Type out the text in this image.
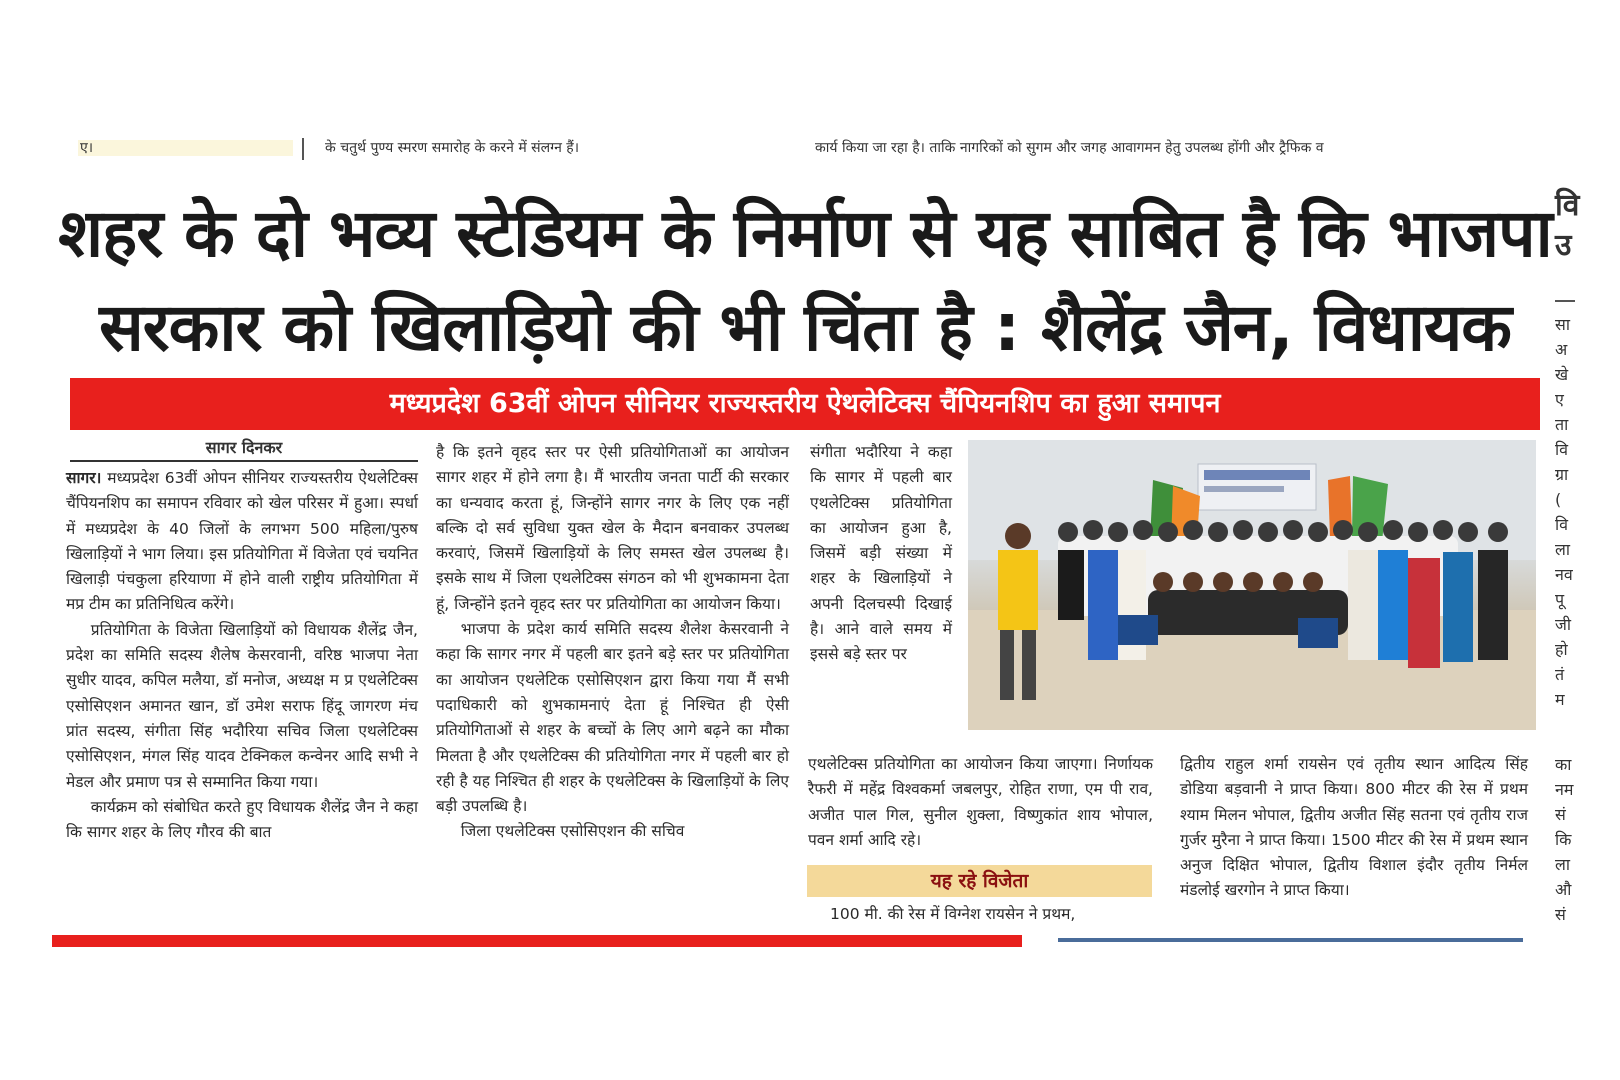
ए।	के चतुर्थ पुण्य स्मरण समारोह के करने में संलग्न हैं।	कार्य किया जा रहा है। ताकि नागरिकों को सुगम और जगह आवागमन हेतु उपलब्ध होंगी और ट्रैफिक व
शहर के दो भव्य स्टेडियम के निर्माण से यह साबित है कि भाजपा
सरकार को खिलाड़ियो की भी चिंता है : शैलेंद्र जैन, विधायक
मध्यप्रदेश 63वीं ओपन सीनियर राज्यस्तरीय ऐथलेटिक्स चैंपियनशिप का हुआ समापन
सागर दिनकर

सागर। मध्यप्रदेश 63वीं ओपन सीनियर राज्यस्तरीय ऐथलेटिक्स चैंपियनशिप का समापन रविवार को खेल परिसर में हुआ। स्पर्धा में मध्यप्रदेश के 40 जिलों के लगभग 500 महिला/पुरुष खिलाड़ियों ने भाग लिया। इस प्रतियोगिता में विजेता एवं चयनित खिलाड़ी पंचकुला हरियाणा में होने वाली राष्ट्रीय प्रतियोगिता में मप्र टीम का प्रतिनिधित्व करेंगे।

प्रतियोगिता के विजेता खिलाड़ियों को विधायक शैलेंद्र जैन, प्रदेश का समिति सदस्य शैलेष केसरवानी, वरिष्ठ भाजपा नेता सुधीर यादव, कपिल मलैया, डॉ मनोज, अध्यक्ष म प्र एथलेटिक्स एसोसिएशन अमानत खान, डॉ उमेश सराफ हिंदू जागरण मंच प्रांत सदस्य, संगीता सिंह भदौरिया सचिव जिला एथलेटिक्स एसोसिएशन, मंगल सिंह यादव टेक्निकल कन्वेनर आदि सभी ने मेडल और प्रमाण पत्र से सम्मानित किया गया।

कार्यक्रम को संबोधित करते हुए विधायक शैलेंद्र जैन ने कहा कि सागर शहर के लिए गौरव की बात

है कि इतने वृहद स्तर पर ऐसी प्रतियोगिताओं का आयोजन सागर शहर में होने लगा है। मैं भारतीय जनता पार्टी की सरकार का धन्यवाद करता हूं, जिन्होंने सागर नगर के लिए एक नहीं बल्कि दो सर्व सुविधा युक्त खेल के मैदान बनवाकर उपलब्ध करवाएं, जिसमें खिलाड़ियों के लिए समस्त खेल उपलब्ध है। इसके साथ में जिला एथलेटिक्स संगठन को भी शुभकामना देता हूं, जिन्होंने इतने वृहद स्तर पर प्रतियोगिता का आयोजन किया।

भाजपा के प्रदेश कार्य समिति सदस्य शैलेश केसरवानी ने कहा कि सागर नगर में पहली बार इतने बड़े स्तर पर प्रतियोगिता का आयोजन एथलेटिक एसोसिएशन द्वारा किया गया मैं सभी पदाधिकारी को शुभकामनाएं देता हूं निश्चित ही ऐसी प्रतियोगिताओं से शहर के बच्चों के लिए आगे बढ़ने का मौका मिलता है और एथलेटिक्स की प्रतियोगिता नगर में पहली बार हो रही है यह निश्चित ही शहर के एथलेटिक्स के खिलाड़ियों के लिए बड़ी उपलब्धि है।

जिला एथलेटिक्स एसोसिएशन की सचिव

संगीता भदौरिया ने कहा कि सागर में पहली बार एथलेटिक्स प्रतियोगिता का आयोजन हुआ है, जिसमें बड़ी संख्या में शहर के खिलाड़ियों ने अपनी दिलचस्पी दिखाई है। आने वाले समय में इससे बड़े स्तर पर

एथलेटिक्स प्रतियोगिता का आयोजन किया जाएगा। निर्णायक रैफरी में महेंद्र विश्वकर्मा जबलपुर, रोहित राणा, एम पी राव, अजीत पाल गिल, सुनील शुक्ला, विष्णुकांत शाय भोपाल, पवन शर्मा आदि रहे।

यह रहे विजेता

100 मी. की रेस में विग्नेश रायसेन ने प्रथम,

द्वितीय राहुल शर्मा रायसेन एवं तृतीय स्थान आदित्य सिंह डोडिया बड़वानी ने प्राप्त किया। 800 मीटर की रेस में प्रथम श्याम मिलन भोपाल, द्वितीय अजीत सिंह सतना एवं तृतीय राज गुर्जर मुरैना ने प्राप्त किया। 1500 मीटर की रेस में प्रथम स्थान अनुज दिक्षित भोपाल, द्वितीय विशाल इंदौर तृतीय निर्मल मंडलोई खरगोन ने प्राप्त किया।

वि
उ
सा
अ
खे
ए
ता
वि
ग्रा
(
वि
ला
नव
पू
जी
हो
तं
म
का
नम
सं
कि
ला
औ
सं
